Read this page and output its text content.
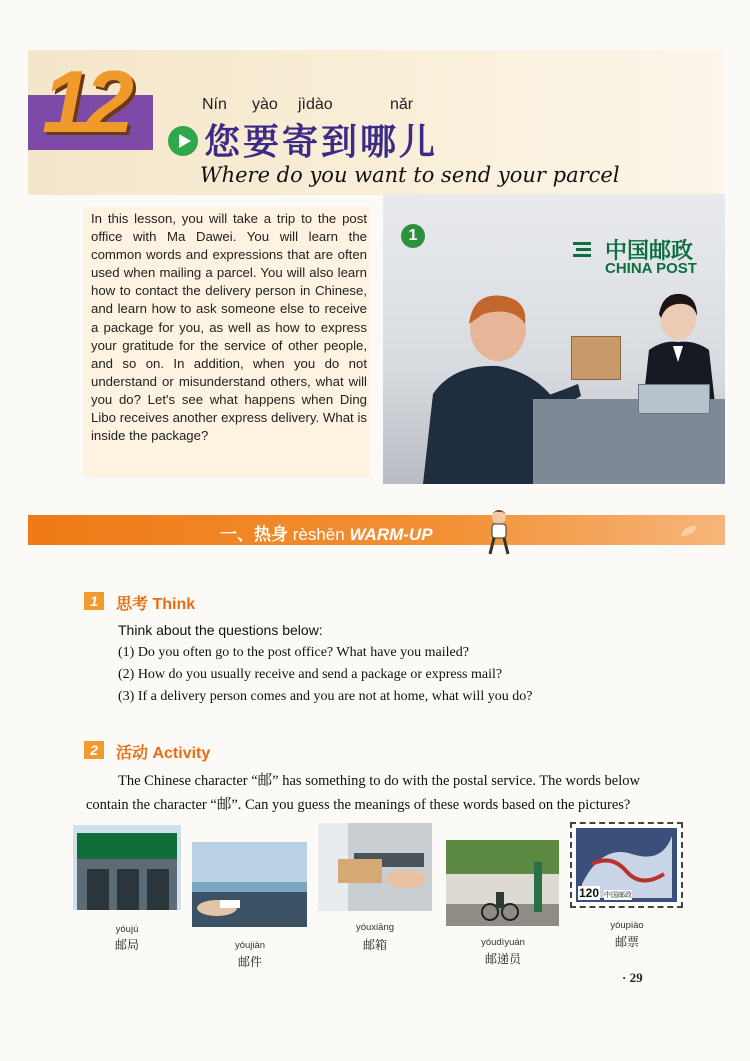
12	Nín yào jìdào	nǎr
您要寄到哪儿
Where do you want to send your parcel
In this lesson, you will take a trip to the post office with Ma Dawei. You will learn the common words and expressions that are often used when mailing a parcel. You will also learn how to contact the delivery person in Chinese, and learn how to ask someone else to receive a package for you, as well as how to express your gratitude for the service of other people, and so on. In addition, when you do not understand or misunderstand others, what will you do? Let's see what happens when Ding Libo receives another express delivery. What is inside the package?
1
中国邮政
CHINA POST
一、热身 rèshēn WARM-UP
1	思考 Think
Think about the questions below:
(1) Do you often go to the post office? What have you mailed?
(2) How do you usually receive and send a package or express mail?
(3) If a delivery person comes and you are not at home, what will you do?
2	活动 Activity
The Chinese character “邮” has something to do with the postal service. The words below contain the character “邮”. Can you guess the meanings of these words based on the pictures?
yóujú
邮局	yóujiàn
邮件
yóuxiāng
邮箱	yóudìyuán
邮递员
120 中国邮政
yóupiào
邮票
· 29
